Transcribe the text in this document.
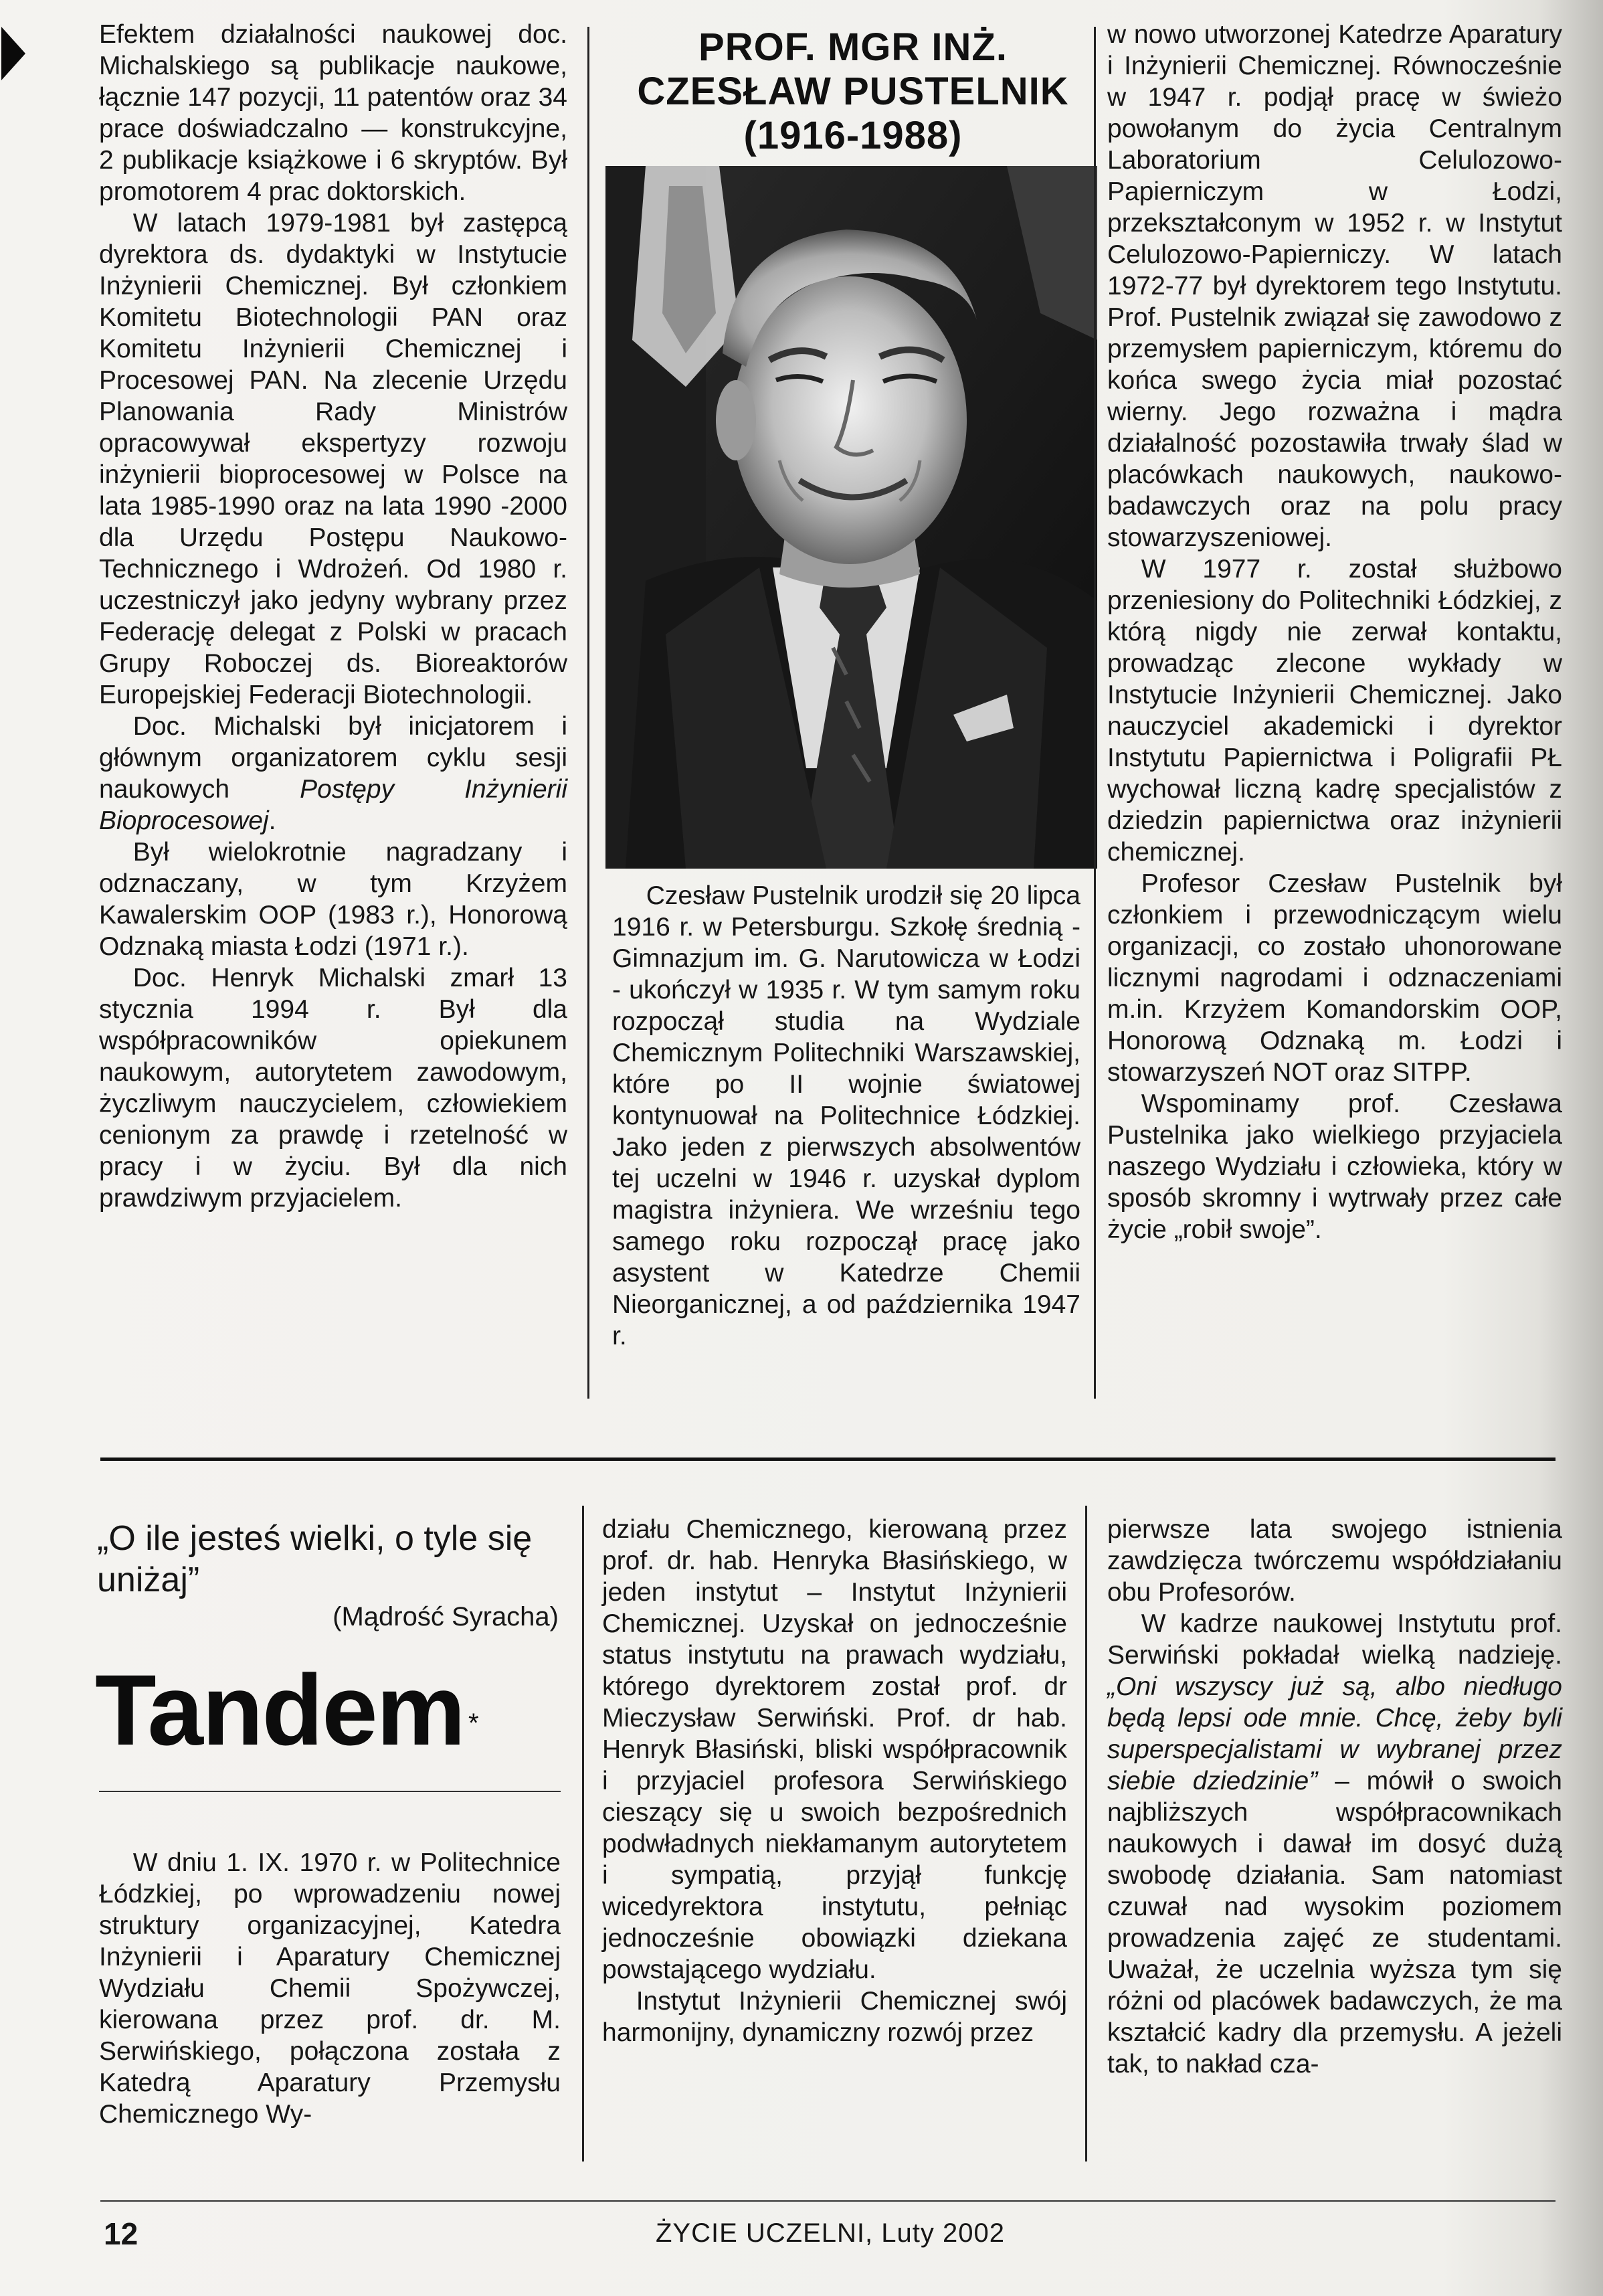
Efektem działalności naukowej doc. Michalskiego są publikacje naukowe, łącznie 147 pozycji, 11 patentów oraz 34 prace doświadczalno — konstrukcyjne, 2 publikacje książkowe i 6 skryptów. Był promotorem 4 prac doktorskich.

W latach 1979-1981 był zastępcą dyrektora ds. dydaktyki w Instytucie Inżynierii Chemicznej. Był członkiem Komitetu Biotechnologii PAN oraz Komitetu Inżynierii Chemicznej i Procesowej PAN. Na zlecenie Urzędu Planowania Rady Ministrów opracowywał ekspertyzy rozwoju inżynierii bioprocesowej w Polsce na lata 1985-1990 oraz na lata 1990 -2000 dla Urzędu Postępu Naukowo-Technicznego i Wdrożeń. Od 1980 r. uczestniczył jako jedyny wybrany przez Federację delegat z Polski w pracach Grupy Roboczej ds. Bioreaktorów Europejskiej Federacji Biotechnologii.

Doc. Michalski był inicjatorem i głównym organizatorem cyklu sesji naukowych	Postępy Inżynierii Bioprocesowej.

Był wielokrotnie nagradzany i odznaczany, w tym Krzyżem Kawalerskim OOP (1983 r.), Honorową Odznaką miasta Łodzi (1971 r.).

Doc. Henryk Michalski zmarł 13 stycznia 1994 r. Był dla współpracowników opiekunem naukowym, autorytetem zawodowym, życzliwym nauczycielem, człowiekiem cenionym za prawdę i rzetelność w pracy i w życiu. Był dla nich prawdziwym przyjacielem.

PROF. MGR INŻ.
CZESŁAW PUSTELNIK
(1916-1988)

Czesław Pustelnik urodził się 20 lipca 1916 r. w Petersburgu. Szkołę średnią - Gimnazjum im. G. Narutowicza w Łodzi - ukończył w 1935 r. W tym samym roku rozpoczął studia na Wydziale Chemicznym Politechniki Warszawskiej, które po II wojnie światowej kontynuował na Politechnice Łódzkiej. Jako jeden z pierwszych absolwentów tej uczelni w 1946 r. uzyskał dyplom magistra inżyniera. We wrześniu tego samego roku rozpoczął pracę jako asystent w Katedrze Chemii Nieorganicznej, a od października 1947 r.

w nowo utworzonej Katedrze Aparatury i Inżynierii Chemicznej. Równocześnie w 1947 r. podjął pracę w świeżo powołanym do życia Centralnym Laboratorium Celulozowo-Papierniczym w Łodzi, przekształconym w 1952 r. w Instytut Celulozowo-Papierniczy. W latach 1972-77 był dyrektorem tego Instytutu. Prof. Pustelnik związał się zawodowo z przemysłem papierniczym, któremu do końca swego życia miał pozostać wierny. Jego rozważna i mądra działalność pozostawiła trwały ślad w placówkach naukowych, naukowo-badawczych oraz na polu pracy stowarzyszeniowej.

W 1977 r. został służbowo przeniesiony do Politechniki Łódzkiej, z którą nigdy nie zerwał kontaktu, prowadząc zlecone wykłady w Instytucie Inżynierii Chemicznej. Jako nauczyciel akademicki i dyrektor Instytutu Papiernictwa i Poligrafii PŁ wychował liczną kadrę specjalistów z dziedzin papiernictwa oraz inżynierii chemicznej.

Profesor Czesław Pustelnik był członkiem i przewodniczącym wielu organizacji, co zostało uhonorowane licznymi nagrodami i odznaczeniami m.in. Krzyżem Komandorskim OOP, Honorową Odznaką m. Łodzi i stowarzyszeń NOT oraz SITPP.

Wspominamy prof. Czesława Pustelnika jako wielkiego przyjaciela naszego Wydziału i człowieka, który w sposób skromny i wytrwały przez całe życie „robił swoje”.

„O ile jesteś wielki, o tyle się uniżaj”
(Mądrość Syracha)
Tandem *

W dniu 1. IX. 1970 r. w Politechnice Łódzkiej, po wprowadzeniu nowej struktury organizacyjnej, Katedra Inżynierii i Aparatury Chemicznej Wydziału Chemii Spożywczej, kierowana przez prof. dr. M. Serwińskiego, połączona została z Katedrą Aparatury Przemysłu Chemicznego Wy-

działu Chemicznego, kierowaną przez prof. dr. hab. Henryka Błasińskiego, w jeden instytut – Instytut Inżynierii Chemicznej. Uzyskał on jednocześnie status instytutu na prawach wydziału, którego dyrektorem został prof. dr Mieczysław Serwiński. Prof. dr hab. Henryk Błasiński, bliski współpracownik i przyjaciel profesora Serwińskiego cieszący się u swoich bezpośrednich podwładnych niekłamanym autorytetem i sympatią, przyjął funkcję wicedyrektora instytutu, pełniąc jednocześnie obowiązki dziekana powstającego wydziału.

Instytut Inżynierii Chemicznej swój harmonijny, dynamiczny rozwój przez

pierwsze lata swojego istnienia zawdzięcza twórczemu współdziałaniu obu Profesorów.

W kadrze naukowej Instytutu prof. Serwiński pokładał wielką nadzieję. „Oni wszyscy już są, albo niedługo będą lepsi ode mnie. Chcę, żeby byli superspecjalistami w wybranej przez siebie dziedzinie” – mówił o swoich najbliższych współpracownikach naukowych i dawał im dosyć dużą swobodę działania. Sam natomiast czuwał nad wysokim poziomem prowadzenia zajęć ze studentami. Uważał, że uczelnia wyższa tym się różni od placówek badawczych, że ma kształcić kadry dla przemysłu. A jeżeli tak, to nakład cza-

12	ŻYCIE UCZELNI, Luty 2002
